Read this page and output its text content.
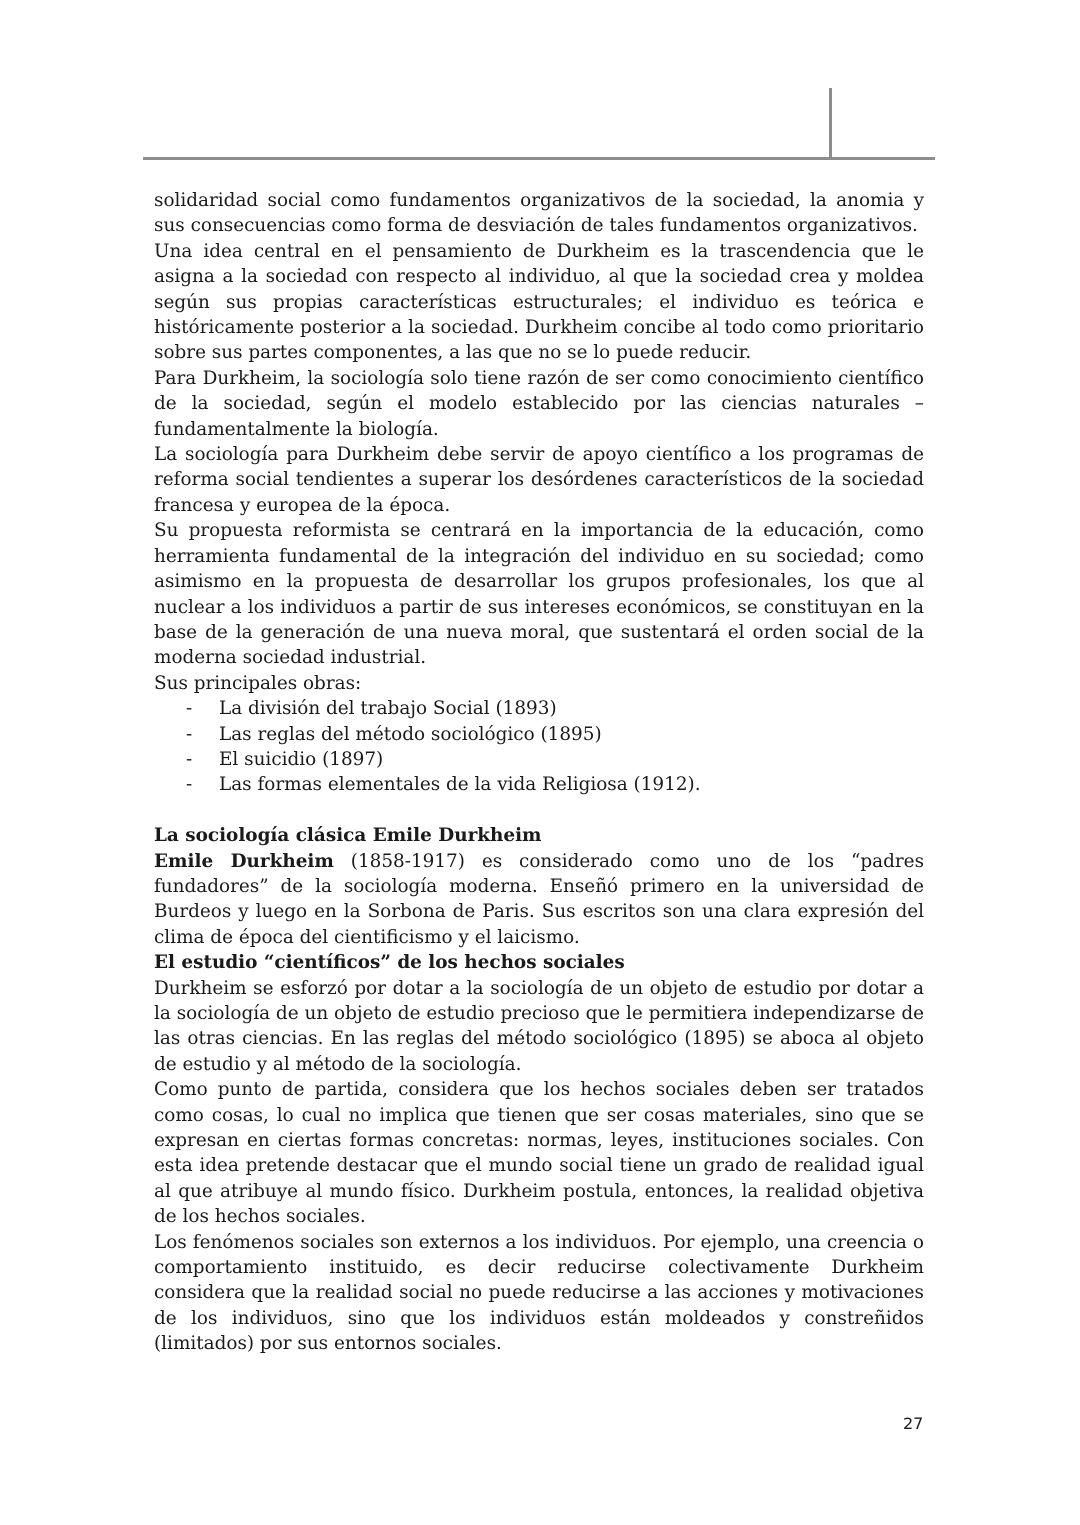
solidaridad social como fundamentos organizativos de la sociedad, la anomia y sus consecuencias como forma de desviación de tales fundamentos organizativos.

Una idea central en el pensamiento de Durkheim es la trascendencia que le asigna a la sociedad con respecto al individuo, al que la sociedad crea y moldea según sus propias características estructurales; el individuo es teórica e históricamente posterior a la sociedad. Durkheim concibe al todo como prioritario sobre sus partes componentes, a las que no se lo puede reducir.

Para Durkheim, la sociología solo tiene razón de ser como conocimiento científico de la sociedad, según el modelo establecido por las ciencias naturales – fundamentalmente la biología.

La sociología para Durkheim debe servir de apoyo científico a los programas de reforma social tendientes a superar los desórdenes característicos de la sociedad francesa y europea de la época.

Su propuesta reformista se centrará en la importancia de la educación, como herramienta fundamental de la integración del individuo en su sociedad; como asimismo en la propuesta de desarrollar los grupos profesionales, los que al nuclear a los individuos a partir de sus intereses económicos, se constituyan en la base de la generación de una nueva moral, que sustentará el orden social de la moderna sociedad industrial.

Sus principales obras:

- La división del trabajo Social (1893)
- Las reglas del método sociológico (1895)
- El suicidio (1897)
- Las formas elementales de la vida Religiosa (1912).

La sociología clásica Emile Durkheim

Emile Durkheim (1858-1917) es considerado como uno de los “padres fundadores” de la sociología moderna. Enseñó primero en la universidad de Burdeos y luego en la Sorbona de Paris. Sus escritos son una clara expresión del clima de época del cientificismo y el laicismo.

El estudio “científicos” de los hechos sociales

Durkheim se esforzó por dotar a la sociología de un objeto de estudio por dotar a la sociología de un objeto de estudio precioso que le permitiera independizarse de las otras ciencias. En las reglas del método sociológico (1895) se aboca al objeto de estudio y al método de la sociología.

Como punto de partida, considera que los hechos sociales deben ser tratados como cosas, lo cual no implica que tienen que ser cosas materiales, sino que se expresan en ciertas formas concretas: normas, leyes, instituciones sociales. Con esta idea pretende destacar que el mundo social tiene un grado de realidad igual al que atribuye al mundo físico. Durkheim postula, entonces, la realidad objetiva de los hechos sociales.

Los fenómenos sociales son externos a los individuos. Por ejemplo, una creencia o comportamiento instituido, es decir reducirse colectivamente Durkheim considera que la realidad social no puede reducirse a las acciones y motivaciones de los individuos, sino que los individuos están moldeados y constreñidos (limitados) por sus entornos sociales.

27
